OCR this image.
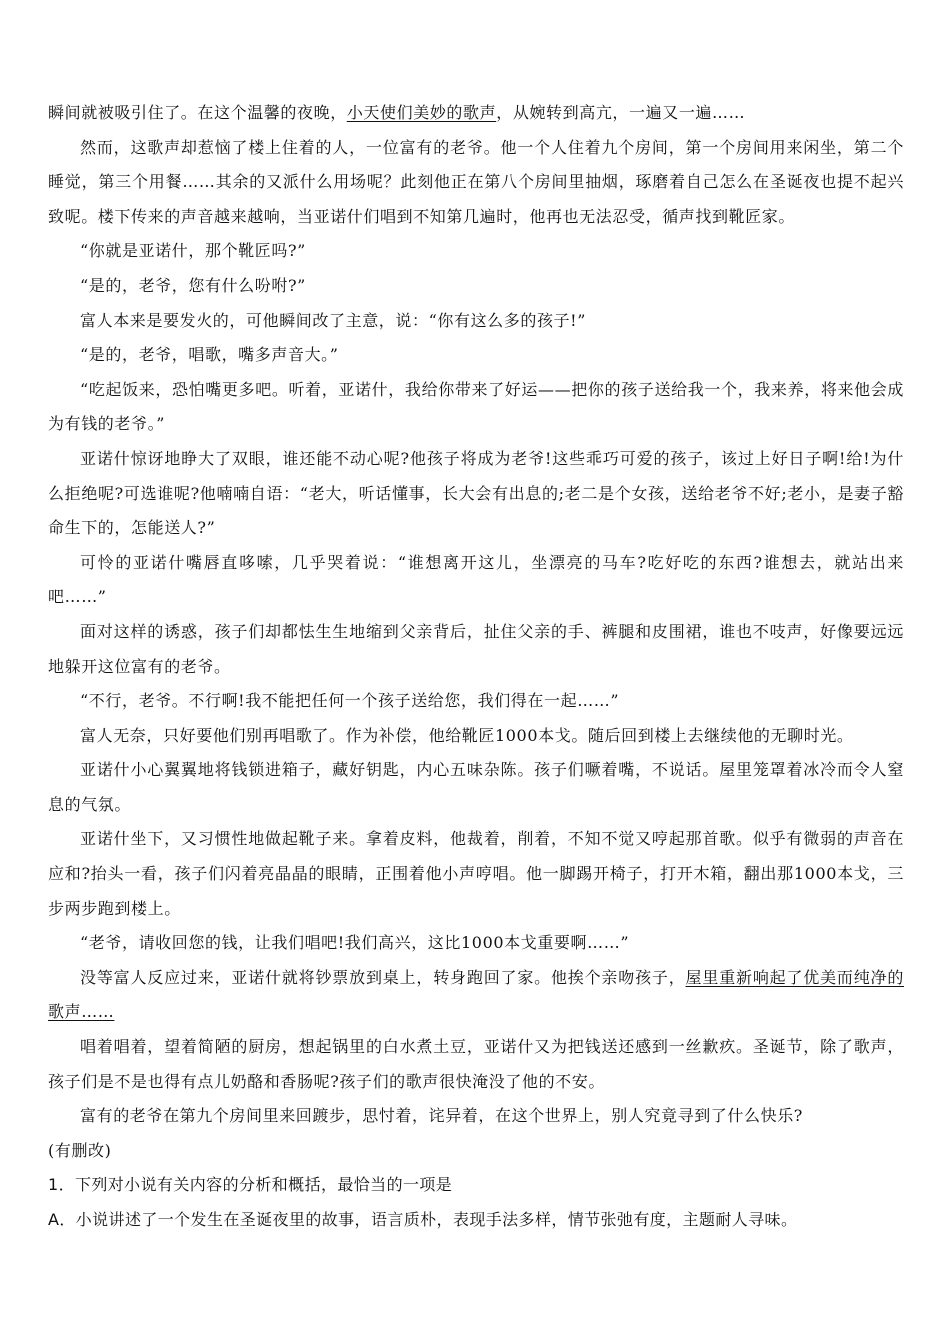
瞬间就被吸引住了。在这个温馨的夜晚，小天使们美妙的歌声，从婉转到高亢，一遍又一遍……

然而，这歌声却惹恼了楼上住着的人，一位富有的老爷。他一个人住着九个房间，第一个房间用来闲坐，第二个睡觉，第三个用餐……其余的又派什么用场呢？此刻他正在第八个房间里抽烟，琢磨着自己怎么在圣诞夜也提不起兴致呢。楼下传来的声音越来越响，当亚诺什们唱到不知第几遍时，他再也无法忍受，循声找到靴匠家。

“你就是亚诺什，那个靴匠吗?”

“是的，老爷，您有什么吩咐?”

富人本来是要发火的，可他瞬间改了主意，说：“你有这么多的孩子!”

“是的，老爷，唱歌，嘴多声音大。”

“吃起饭来，恐怕嘴更多吧。听着，亚诺什，我给你带来了好运——把你的孩子送给我一个，我来养，将来他会成为有钱的老爷。”

亚诺什惊讶地睁大了双眼，谁还能不动心呢?他孩子将成为老爷!这些乖巧可爱的孩子，该过上好日子啊!给!为什么拒绝呢?可选谁呢?他喃喃自语：“老大，听话懂事，长大会有出息的;老二是个女孩，送给老爷不好;老小，是妻子豁命生下的，怎能送人?”

可怜的亚诺什嘴唇直哆嗦，几乎哭着说：“谁想离开这儿，坐漂亮的马车?吃好吃的东西?谁想去，就站出来吧……”

面对这样的诱惑，孩子们却都怯生生地缩到父亲背后，扯住父亲的手、裤腿和皮围裙，谁也不吱声，好像要远远地躲开这位富有的老爷。

“不行，老爷。不行啊!我不能把任何一个孩子送给您，我们得在一起……”

富人无奈，只好要他们别再唱歌了。作为补偿，他给靴匠1000本戈。随后回到楼上去继续他的无聊时光。

亚诺什小心翼翼地将钱锁进箱子，藏好钥匙，内心五味杂陈。孩子们噘着嘴，不说话。屋里笼罩着冰冷而令人窒息的气氛。

亚诺什坐下，又习惯性地做起靴子来。拿着皮料，他裁着，削着，不知不觉又哼起那首歌。似乎有微弱的声音在应和?抬头一看，孩子们闪着亮晶晶的眼睛，正围着他小声哼唱。他一脚踢开椅子，打开木箱，翻出那1000本戈，三步两步跑到楼上。

“老爷，请收回您的钱，让我们唱吧!我们高兴，这比1000本戈重要啊……”

没等富人反应过来，亚诺什就将钞票放到桌上，转身跑回了家。他挨个亲吻孩子，屋里重新响起了优美而纯净的歌声……

唱着唱着，望着简陋的厨房，想起锅里的白水煮土豆，亚诺什又为把钱送还感到一丝歉疚。圣诞节，除了歌声，孩子们是不是也得有点儿奶酪和香肠呢?孩子们的歌声很快淹没了他的不安。

富有的老爷在第九个房间里来回踱步，思忖着，诧异着，在这个世界上，别人究竟寻到了什么快乐?

(有删改)

1．下列对小说有关内容的分析和概括，最恰当的一项是

A．小说讲述了一个发生在圣诞夜里的故事，语言质朴，表现手法多样，情节张弛有度，主题耐人寻味。
